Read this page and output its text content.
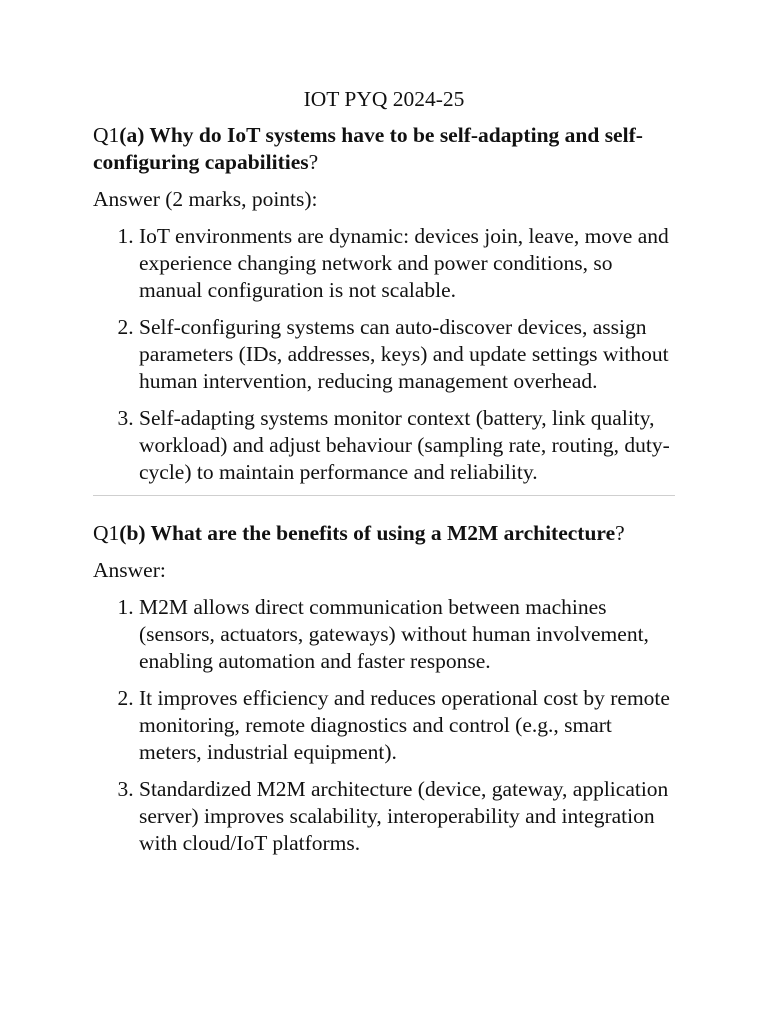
IOT PYQ 2024-25
Q1(a) Why do IoT systems have to be self-adapting and self-configuring capabilities?
Answer (2 marks, points):
1. IoT environments are dynamic: devices join, leave, move and experience changing network and power conditions, so manual configuration is not scalable.
2. Self-configuring systems can auto-discover devices, assign parameters (IDs, addresses, keys) and update settings without human intervention, reducing management overhead.
3. Self-adapting systems monitor context (battery, link quality, workload) and adjust behaviour (sampling rate, routing, duty-cycle) to maintain performance and reliability.
Q1(b) What are the benefits of using a M2M architecture?
Answer:
1. M2M allows direct communication between machines (sensors, actuators, gateways) without human involvement, enabling automation and faster response.
2. It improves efficiency and reduces operational cost by remote monitoring, remote diagnostics and control (e.g., smart meters, industrial equipment).
3. Standardized M2M architecture (device, gateway, application server) improves scalability, interoperability and integration with cloud/IoT platforms.
